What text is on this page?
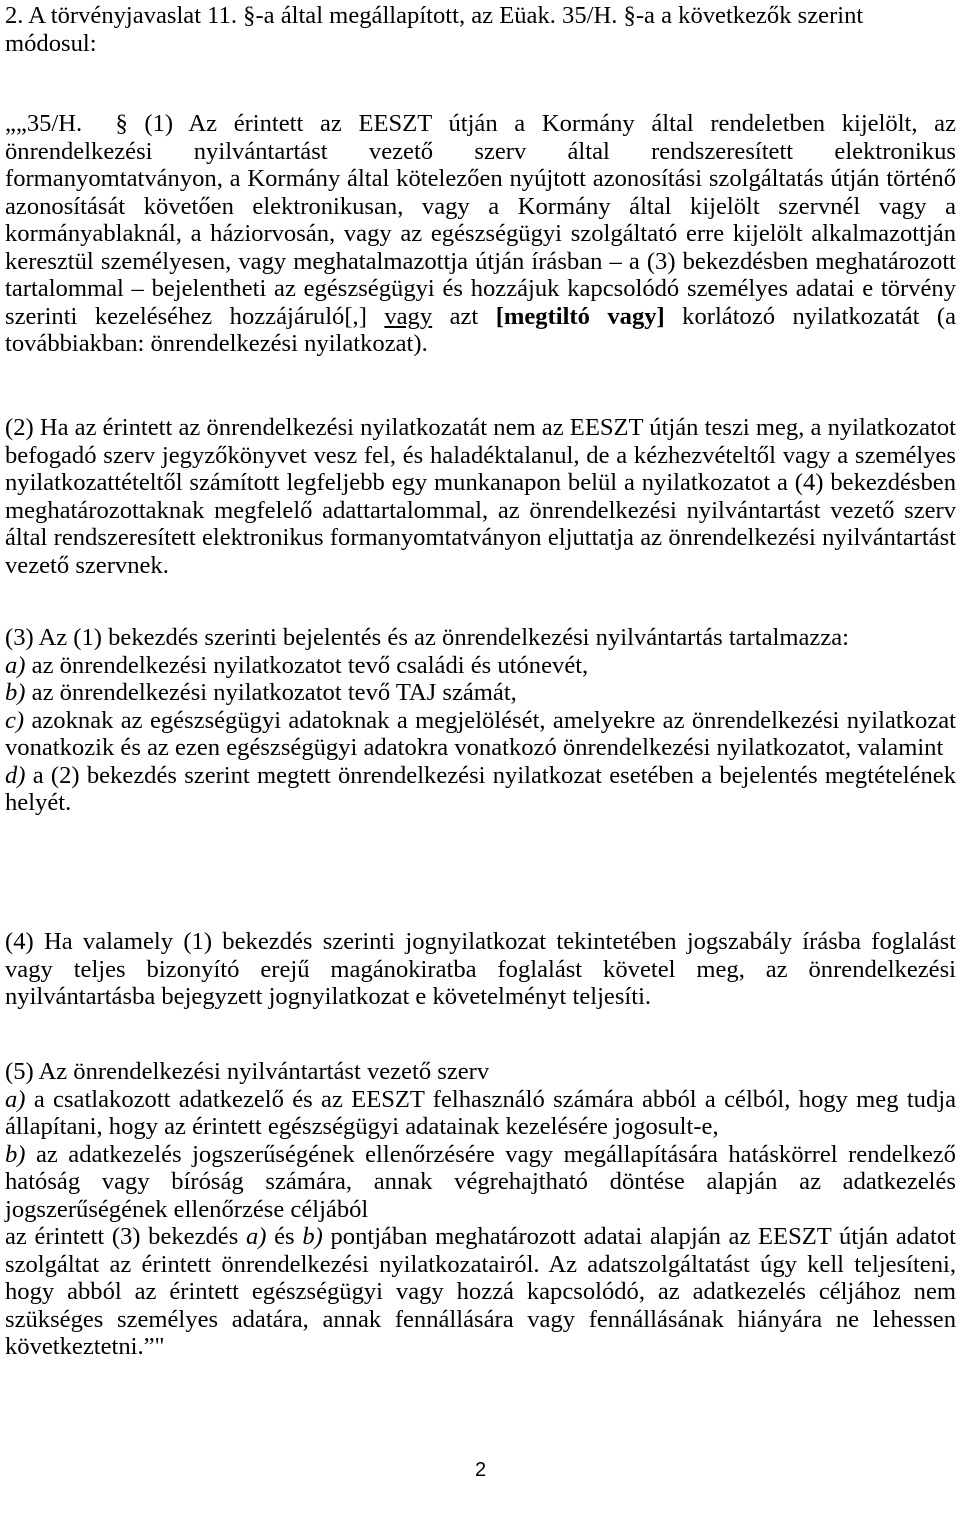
2. A törvényjavaslat 11. §-a által megállapított, az Eüak. 35/H. §-a a következők szerint
módosul:

„„35/H. § (1) Az érintett az EESZT útján a Kormány által rendeletben kijelölt, az önrendelkezési nyilvántartást vezető szerv által rendszeresített elektronikus formanyomtatványon, a Kormány által kötelezően nyújtott azonosítási szolgáltatás útján történő azonosítását követően elektronikusan, vagy a Kormány által kijelölt szervnél vagy a kormányablaknál, a háziorvosán, vagy az egészségügyi szolgáltató erre kijelölt alkalmazottján keresztül személyesen, vagy meghatalmazottja útján írásban – a (3) bekezdésben meghatározott tartalommal – bejelentheti az egészségügyi és hozzájuk kapcsolódó személyes adatai e törvény szerinti kezeléséhez hozzájáruló[,] vagy azt [megtiltó vagy] korlátozó nyilatkozatát (a továbbiakban: önrendelkezési nyilatkozat).

(2) Ha az érintett az önrendelkezési nyilatkozatát nem az EESZT útján teszi meg, a nyilatkozatot befogadó szerv jegyzőkönyvet vesz fel, és haladéktalanul, de a kézhezvételtől vagy a személyes nyilatkozattételtől számított legfeljebb egy munkanapon belül a nyilatkozatot a (4) bekezdésben meghatározottaknak megfelelő adattartalommal, az önrendelkezési nyilvántartást vezető szerv által rendszeresített elektronikus formanyomtatványon eljuttatja az önrendelkezési nyilvántartást vezető szervnek.

(3) Az (1) bekezdés szerinti bejelentés és az önrendelkezési nyilvántartás tartalmazza:

a) az önrendelkezési nyilatkozatot tevő családi és utónevét,

b) az önrendelkezési nyilatkozatot tevő TAJ számát,

c) azoknak az egészségügyi adatoknak a megjelölését, amelyekre az önrendelkezési nyilatkozat vonatkozik és az ezen egészségügyi adatokra vonatkozó önrendelkezési nyilatkozatot, valamint

d) a (2) bekezdés szerint megtett önrendelkezési nyilatkozat esetében a bejelentés megtételének helyét.

(4) Ha valamely (1) bekezdés szerinti jognyilatkozat tekintetében jogszabály írásba foglalást vagy teljes bizonyító erejű magánokiratba foglalást követel meg, az önrendelkezési nyilvántartásba bejegyzett jognyilatkozat e követelményt teljesíti.

(5) Az önrendelkezési nyilvántartást vezető szerv

a) a csatlakozott adatkezelő és az EESZT felhasználó számára abból a célból, hogy meg tudja állapítani, hogy az érintett egészségügyi adatainak kezelésére jogosult-e,

b) az adatkezelés jogszerűségének ellenőrzésére vagy megállapítására hatáskörrel rendelkező hatóság vagy bíróság számára, annak végrehajtható döntése alapján az adatkezelés jogszerűségének ellenőrzése céljából

az érintett (3) bekezdés a) és b) pontjában meghatározott adatai alapján az EESZT útján adatot szolgáltat az érintett önrendelkezési nyilatkozatairól. Az adatszolgáltatást úgy kell teljesíteni, hogy abból az érintett egészségügyi vagy hozzá kapcsolódó, az adatkezelés céljához nem szükséges személyes adatára, annak fennállására vagy fennállásának hiányára ne lehessen következtetni.”"

2
